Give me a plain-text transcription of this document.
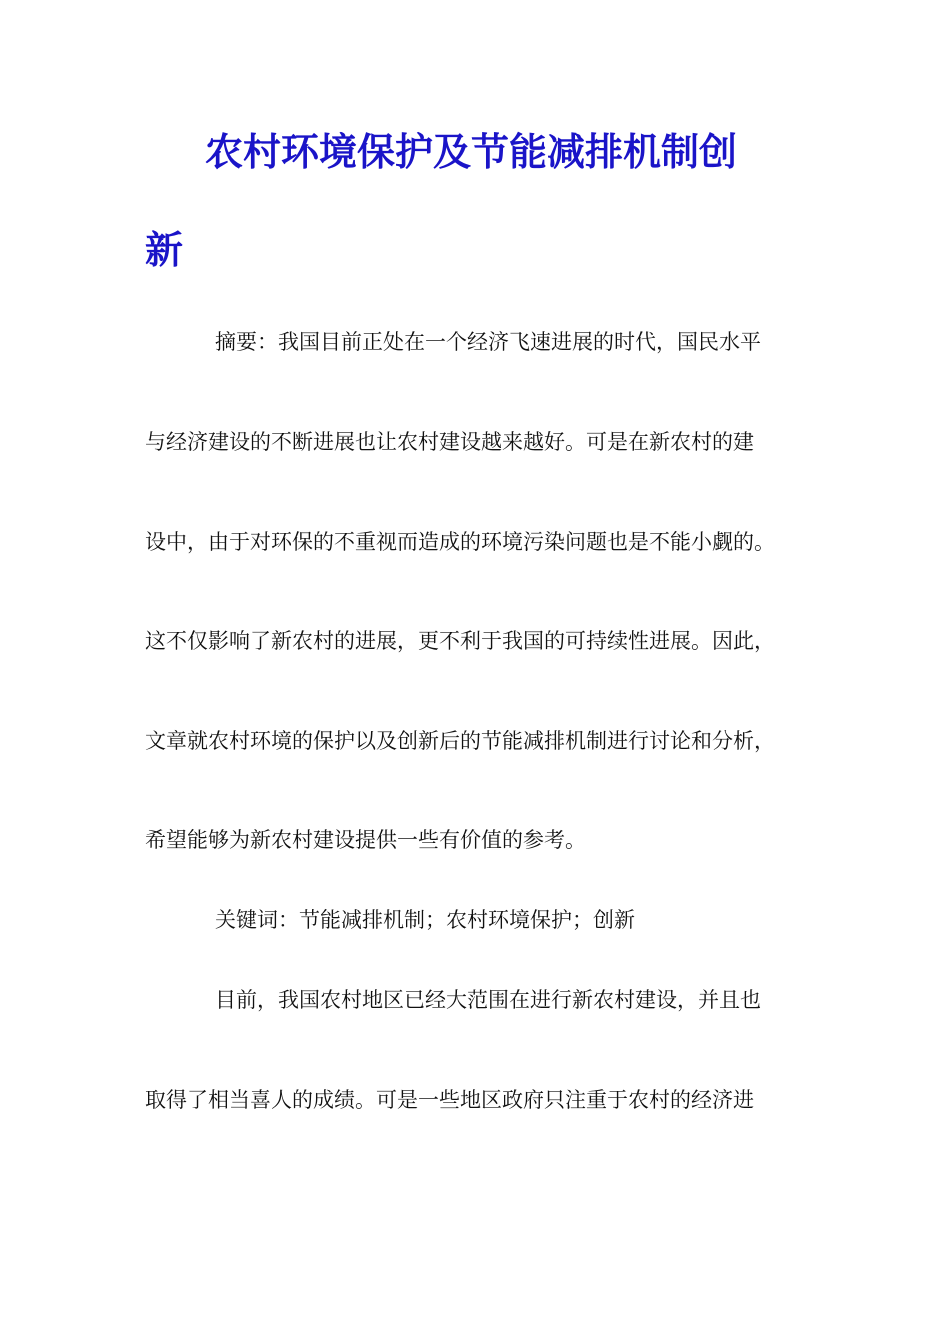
农村环境保护及节能减排机制创
新
摘要：我国目前正处在一个经济飞速进展的时代，国民水平
与经济建设的不断进展也让农村建设越来越好。可是在新农村的建
设中，由于对环保的不重视而造成的环境污染问题也是不能小觑的。
这不仅影响了新农村的进展，更不利于我国的可持续性进展。因此，
文章就农村环境的保护以及创新后的节能减排机制进行讨论和分析，
希望能够为新农村建设提供一些有价值的参考。
关键词：节能减排机制；农村环境保护；创新
目前，我国农村地区已经大范围在进行新农村建设，并且也
取得了相当喜人的成绩。可是一些地区政府只注重于农村的经济进
